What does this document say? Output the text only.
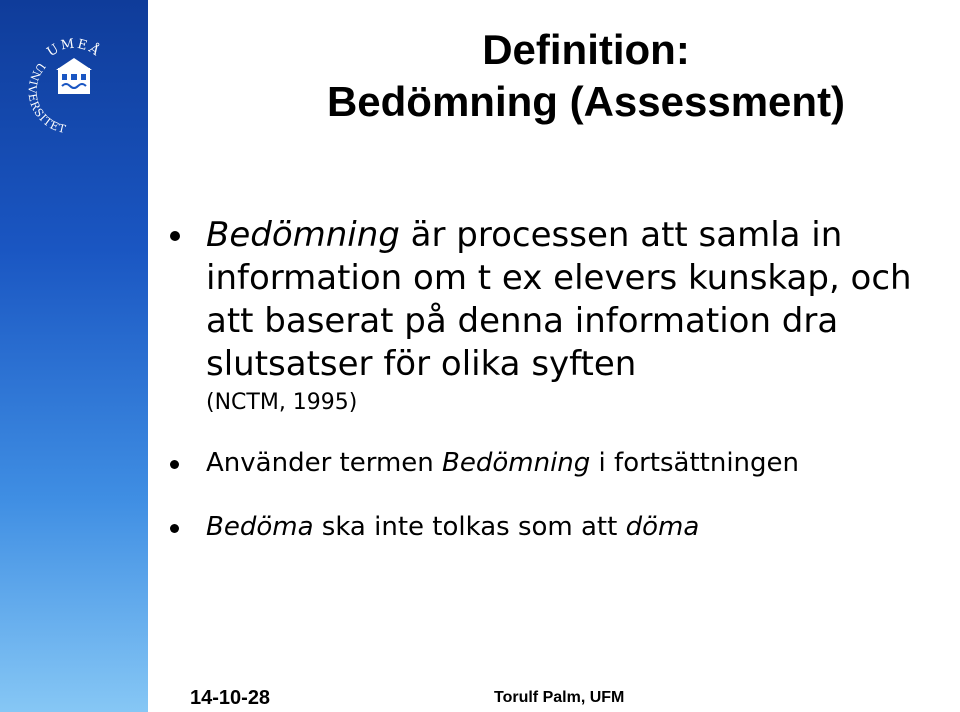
UMEÅ
UNIVERSITET
Definition:
Bedömning (Assessment)
Bedömning är processen att samla in information om t ex elevers kunskap, och att baserat på denna information dra slutsatser för olika syften
(NCTM, 1995)
Använder termen Bedömning i fortsättningen
Bedöma ska inte tolkas som att döma
14-10-28	Torulf Palm, UFM
